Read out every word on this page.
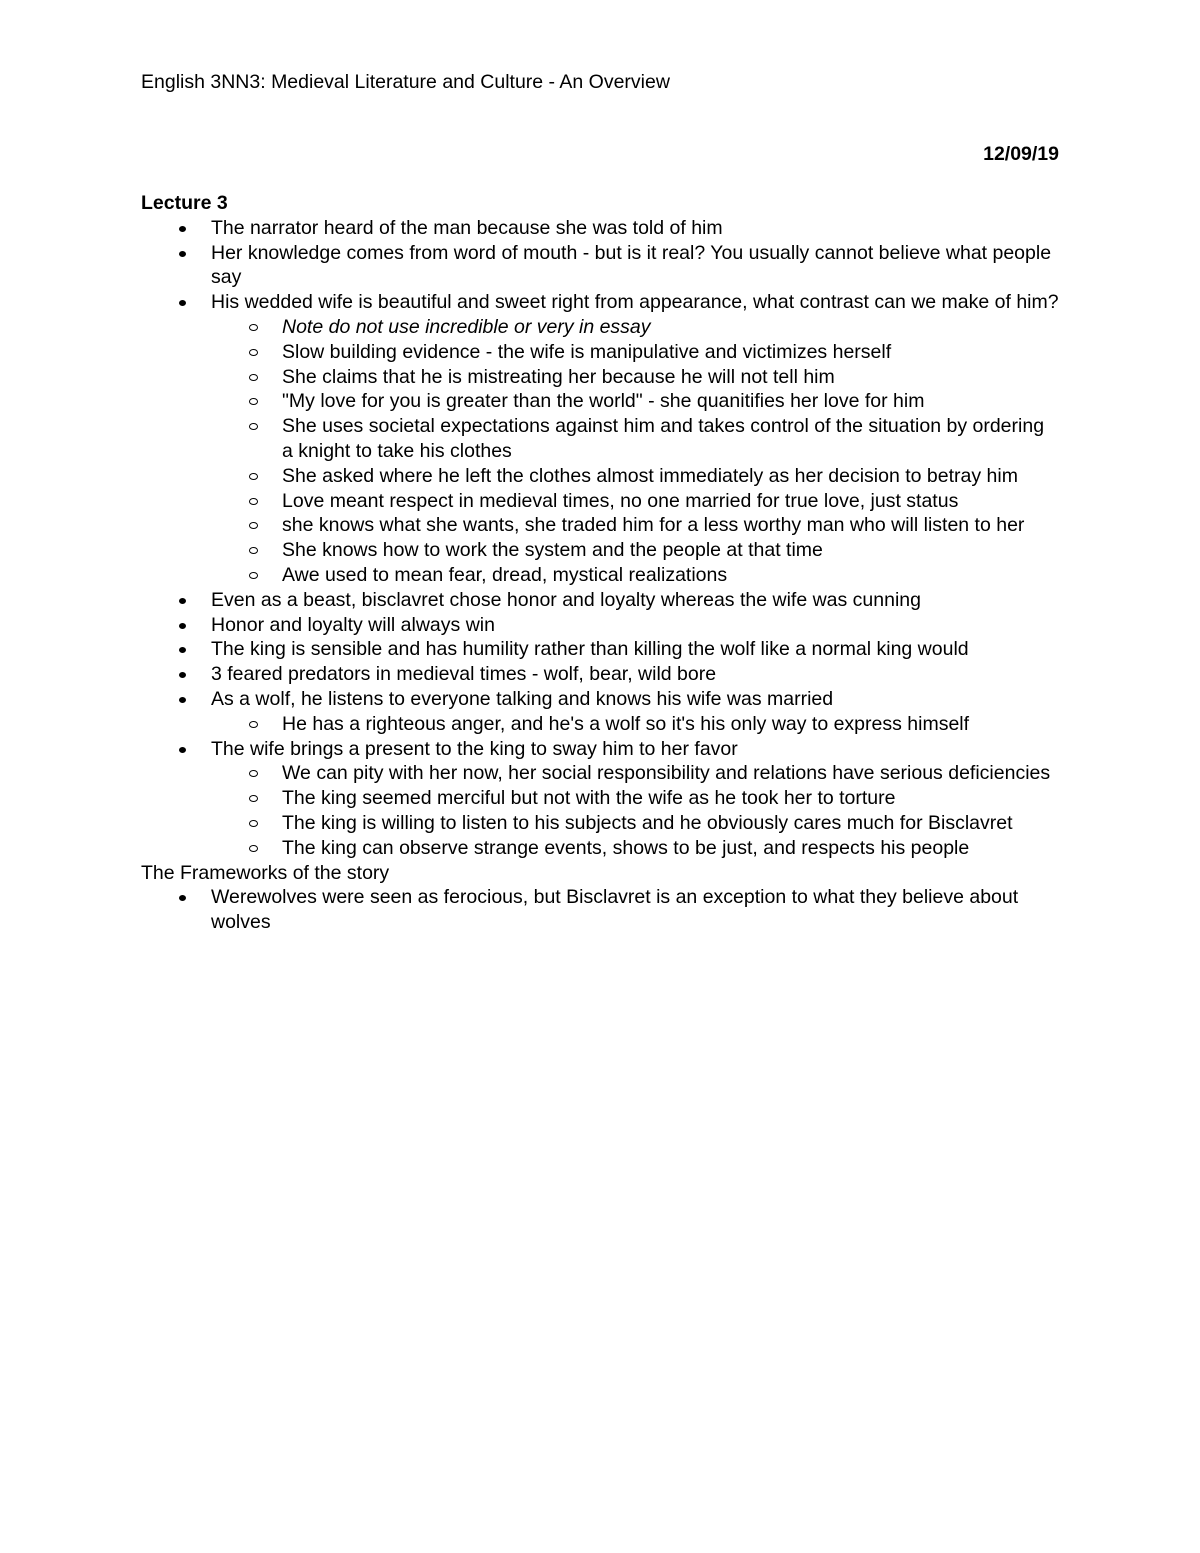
English 3NN3: Medieval Literature and Culture - An Overview
12/09/19
Lecture 3
The narrator heard of the man because she was told of him
Her knowledge comes from word of mouth - but is it real? You usually cannot believe what people say
His wedded wife is beautiful and sweet right from appearance, what contrast can we make of him?
Note do not use incredible or very in essay
Slow building evidence - the wife is manipulative and victimizes herself
She claims that he is mistreating her because he will not tell him
"My love for you is greater than the world" - she quanitifies her love for him
She uses societal expectations against him and takes control of the situation by ordering a knight to take his clothes
She asked where he left the clothes almost immediately as her decision to betray him
Love meant respect in medieval times, no one married for true love, just status
she knows what she wants, she traded him for a less worthy man who will listen to her
She knows how to work the system and the people at that time
Awe used to mean fear, dread, mystical realizations
Even as a beast, bisclavret chose honor and loyalty whereas the wife was cunning
Honor and loyalty will always win
The king is sensible and has humility rather than killing the wolf like a normal king would
3 feared predators in medieval times - wolf, bear, wild bore
As a wolf, he listens to everyone talking and knows his wife was married
He has a righteous anger, and he's a wolf so it's his only way to express himself
The wife brings a present to the king to sway him to her favor
We can pity with her now, her social responsibility and relations have serious deficiencies
The king seemed merciful but not with the wife as he took her to torture
The king is willing to listen to his subjects and he obviously cares much for Bisclavret
The king can observe strange events, shows to be just, and respects his people
The Frameworks of the story
Werewolves were seen as ferocious, but Bisclavret is an exception to what they believe about wolves
